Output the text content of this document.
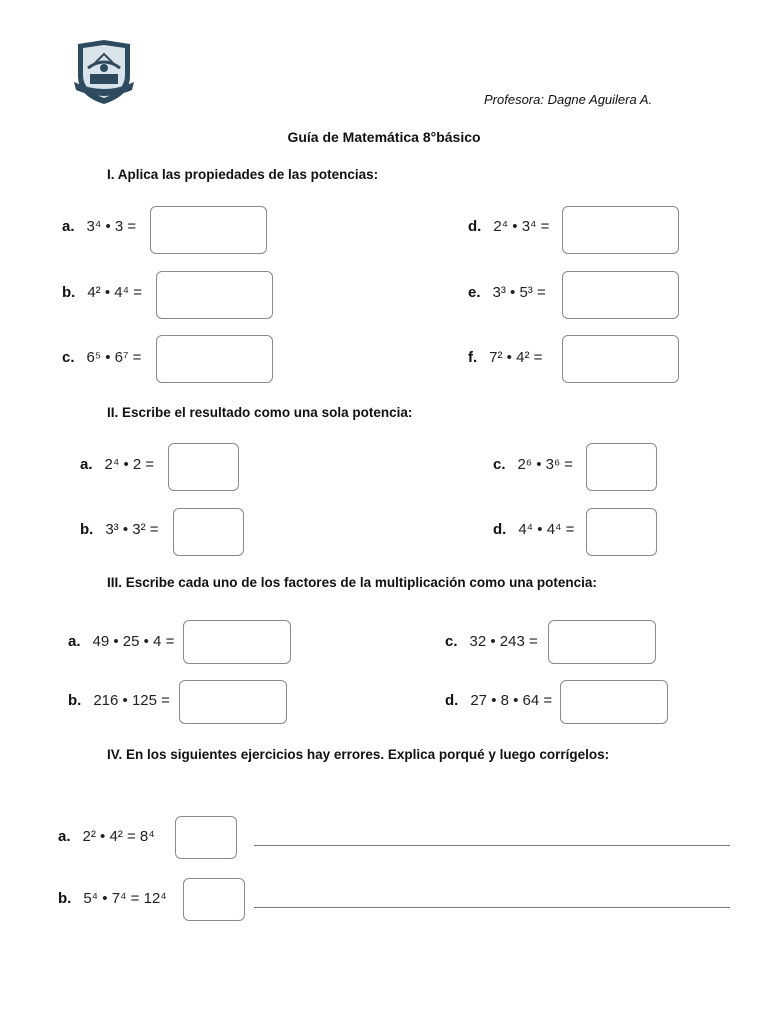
Profesora: Dagne Aguilera A.
Guía de Matemática 8°básico
I. Aplica las propiedades de las potencias:
a. 3⁴ • 3 =
b. 4² • 4⁴ =
c. 6⁵ • 6⁷ =
d. 2⁴ • 3⁴ =
e. 3³ • 5³ =
f. 7² • 4² =
II. Escribe el resultado como una sola potencia:
a. 2⁴ • 2 =
b. 3³ • 3² =
c. 2⁶ • 3⁶ =
d. 4⁴ • 4⁴ =
III. Escribe cada uno de los factores de la multiplicación como una potencia:
a. 49 • 25 • 4 =
b. 216 • 125 =
c. 32 • 243 =
d. 27 • 8 • 64 =
IV. En los siguientes ejercicios hay errores. Explica porqué y luego corrígelos:
a. 2² • 4² = 8⁴
b. 5⁴ • 7⁴ = 12⁴
